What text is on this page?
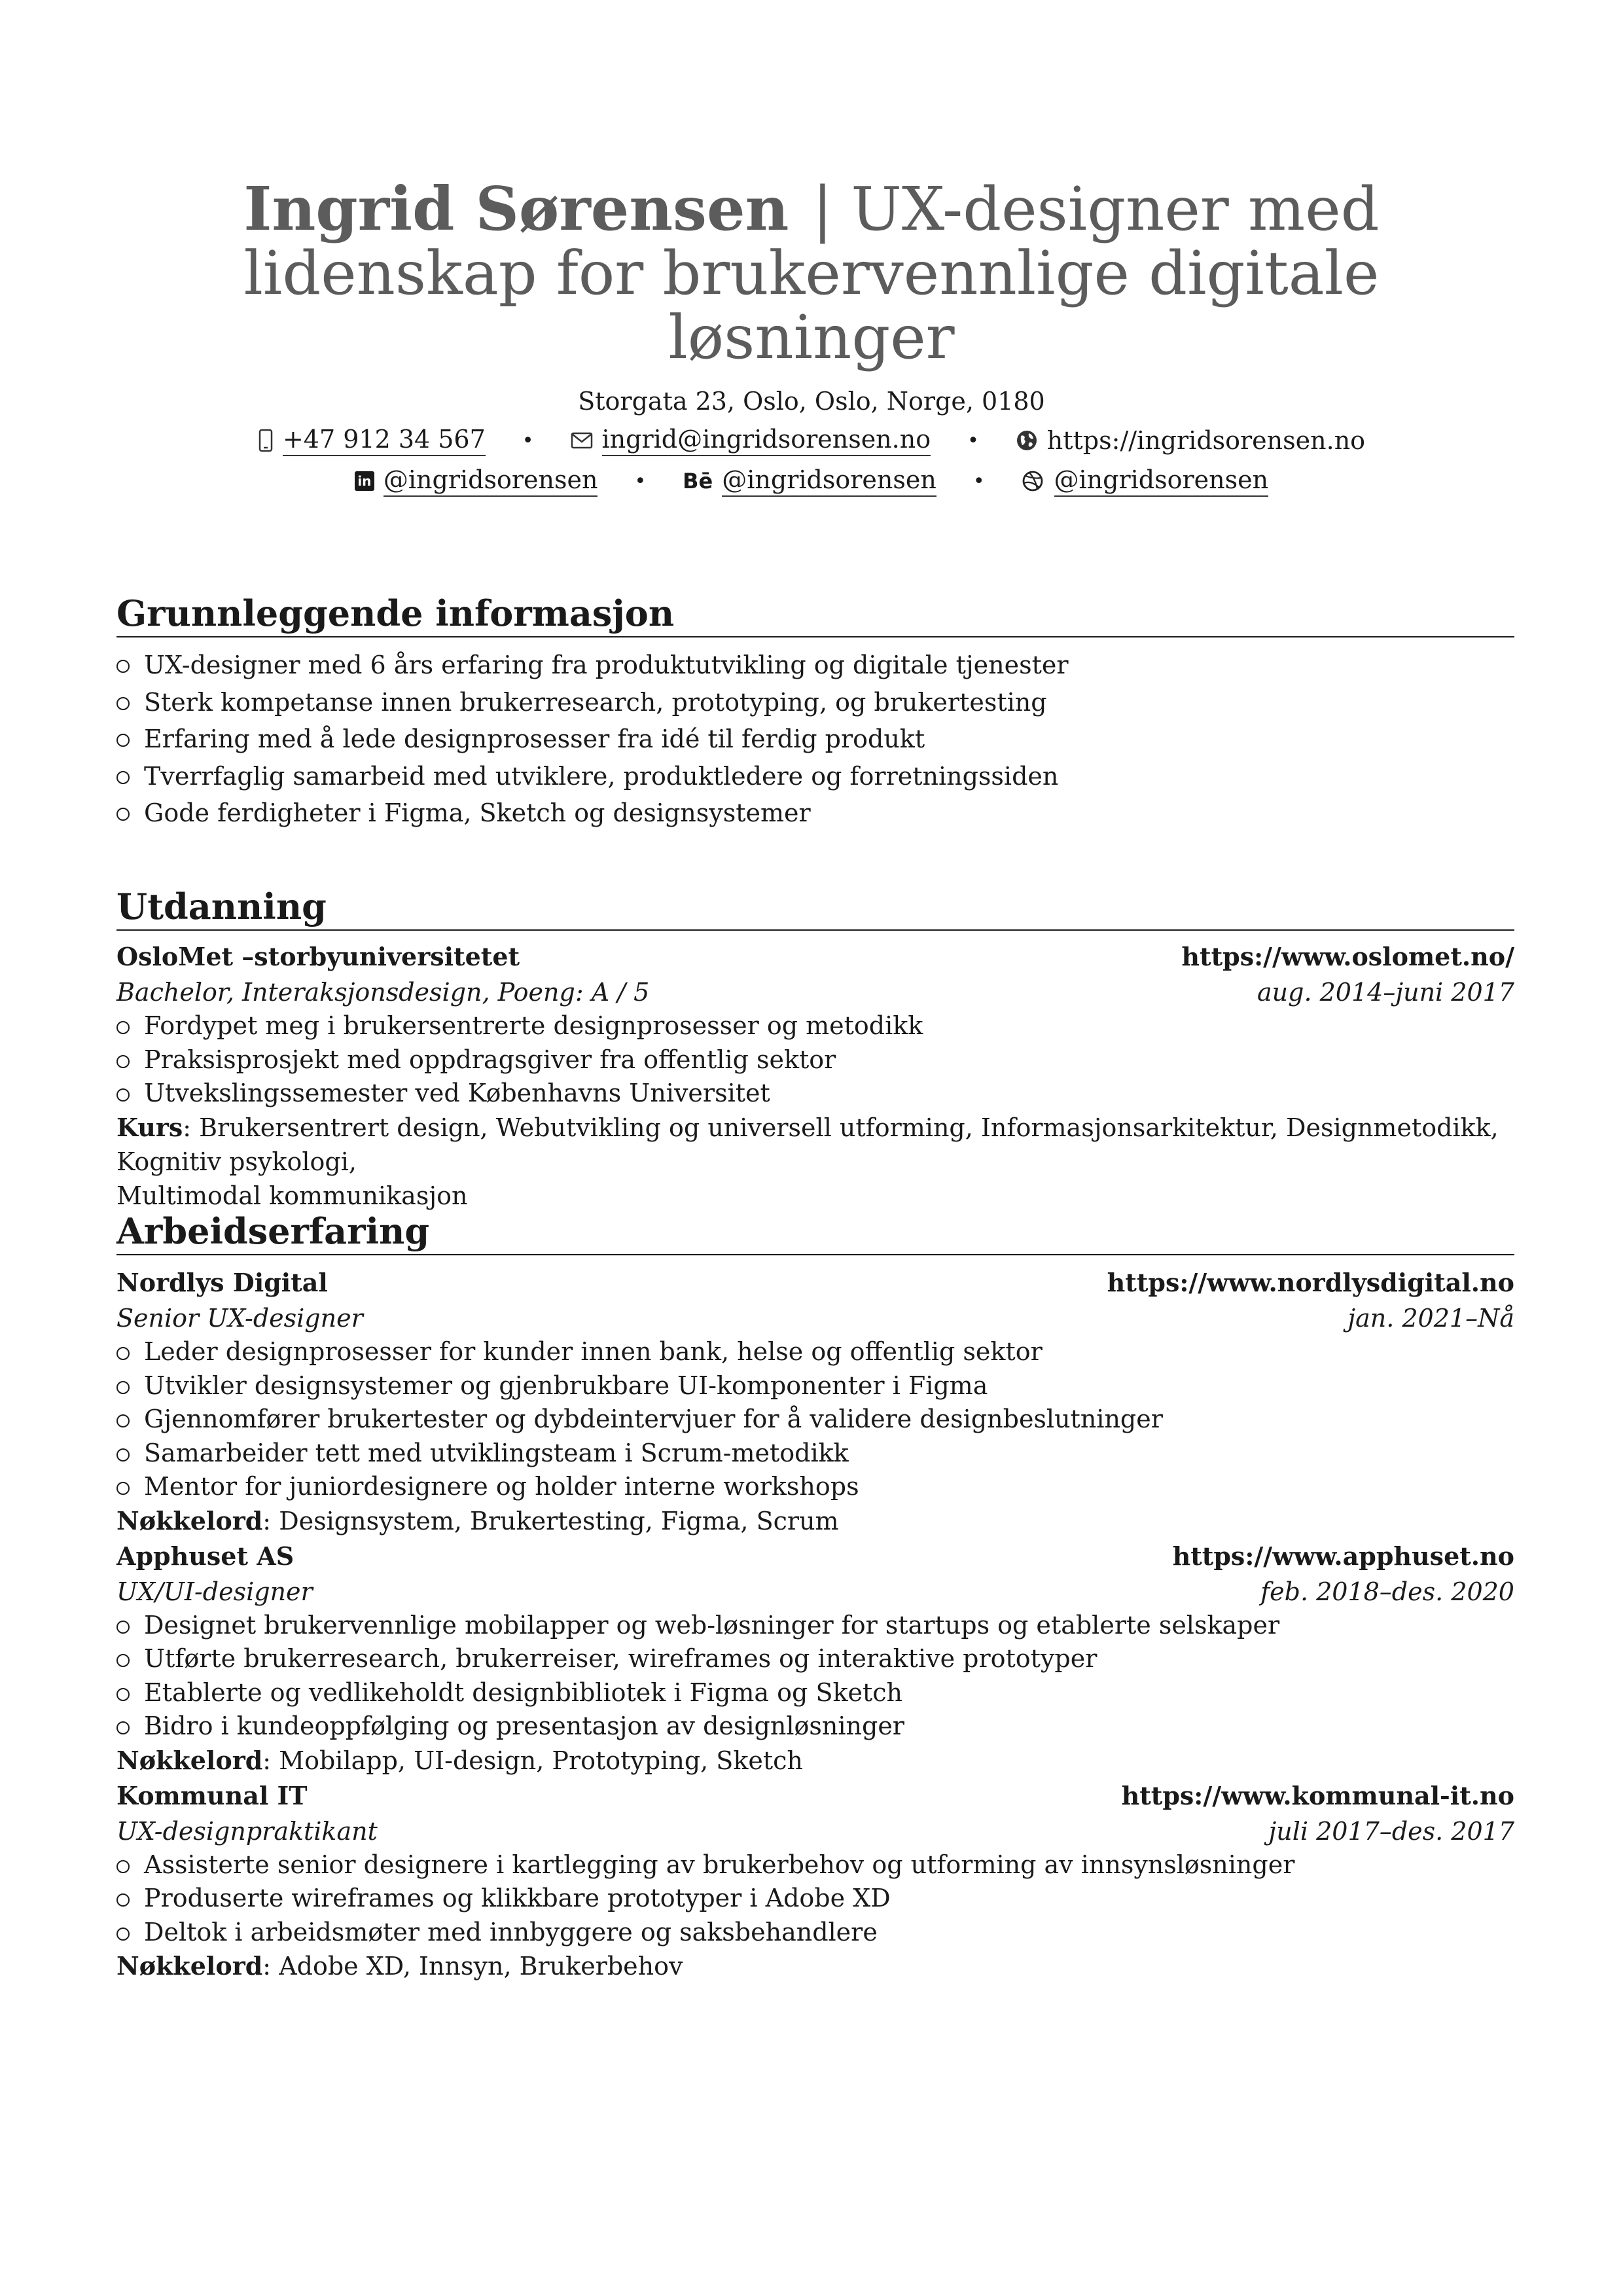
Ingrid Sørensen | UX-designer med lidenskap for brukervennlige digitale løsninger
Storgata 23, Oslo, Oslo, Norge, 0180
+47 912 34 567 •	ingrid@ingridsorensen.no •	https://ingridsorensen.no
in @ingridsorensen • Bē @ingridsorensen •	@ingridsorensen
Grunnleggende informasjon
UX-designer med 6 års erfaring fra produktutvikling og digitale tjenester
Sterk kompetanse innen brukerresearch, prototyping, og brukertesting
Erfaring med å lede designprosesser fra idé til ferdig produkt
Tverrfaglig samarbeid med utviklere, produktledere og forretningssiden
Gode ferdigheter i Figma, Sketch og designsystemer
Utdanning
OsloMet –storbyuniversitetet	https://www.oslomet.no/
Bachelor, Interaksjonsdesign, Poeng: A / 5	aug. 2014–juni 2017
Fordypet meg i brukersentrerte designprosesser og metodikk
Praksisprosjekt med oppdragsgiver fra offentlig sektor
Utvekslingssemester ved Københavns Universitet
Kurs: Brukersentrert design, Webutvikling og universell utforming, Informasjonsarkitektur, Designmetodikk, Kognitiv psykologi,
Multimodal kommunikasjon
Arbeidserfaring
Nordlys Digital	https://www.nordlysdigital.no
Senior UX-designer	jan. 2021–Nå
Leder designprosesser for kunder innen bank, helse og offentlig sektor
Utvikler designsystemer og gjenbrukbare UI-komponenter i Figma
Gjennomfører brukertester og dybdeintervjuer for å validere designbeslutninger
Samarbeider tett med utviklingsteam i Scrum-metodikk
Mentor for juniordesignere og holder interne workshops
Nøkkelord: Designsystem, Brukertesting, Figma, Scrum
Apphuset AS	https://www.apphuset.no
UX/UI-designer	feb. 2018–des. 2020
Designet brukervennlige mobilapper og web-løsninger for startups og etablerte selskaper
Utførte brukerresearch, brukerreiser, wireframes og interaktive prototyper
Etablerte og vedlikeholdt designbibliotek i Figma og Sketch
Bidro i kundeoppfølging og presentasjon av designløsninger
Nøkkelord: Mobilapp, UI-design, Prototyping, Sketch
Kommunal IT	https://www.kommunal-it.no
UX-designpraktikant	juli 2017–des. 2017
Assisterte senior designere i kartlegging av brukerbehov og utforming av innsynsløsninger
Produserte wireframes og klikkbare prototyper i Adobe XD
Deltok i arbeidsmøter med innbyggere og saksbehandlere
Nøkkelord: Adobe XD, Innsyn, Brukerbehov
